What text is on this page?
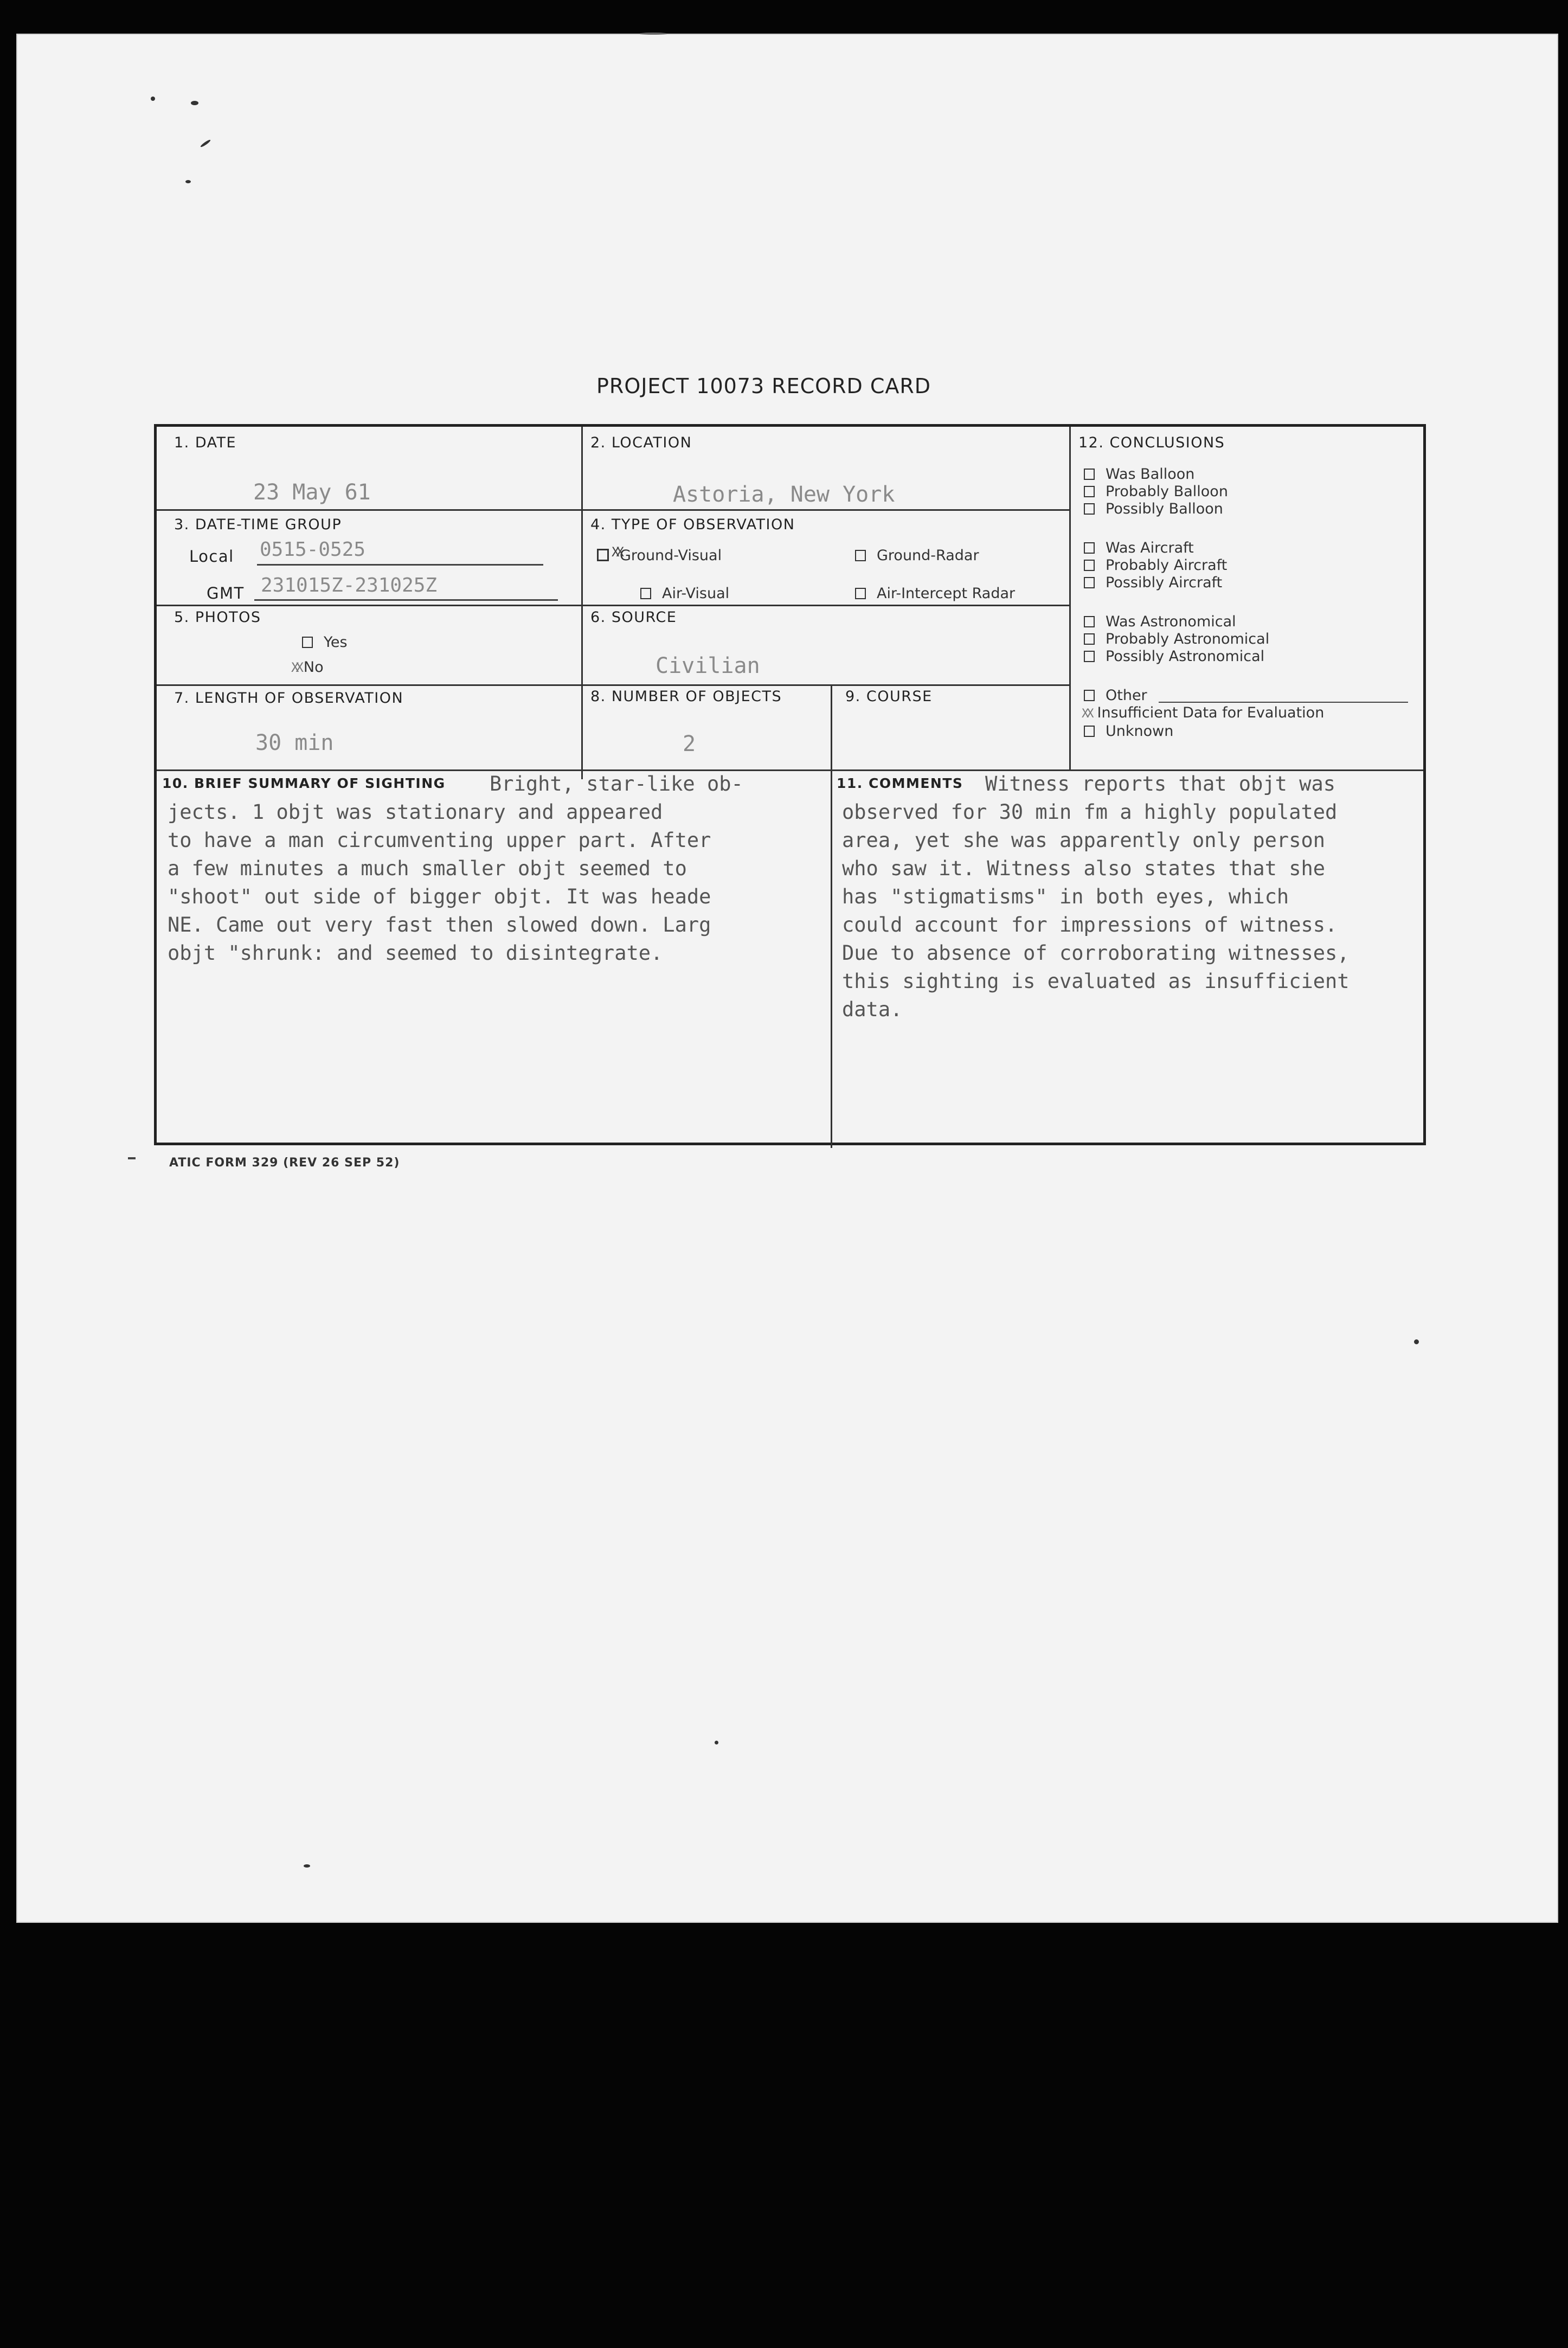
PROJECT 10073 RECORD CARD
1. DATE
23 May 61
2. LOCATION
Astoria, New York
3. DATE-TIME GROUP
Local 0515-0525
GMT 231015Z-231025Z
4. TYPE OF OBSERVATION
Ground-Visual	Ground-Radar
Air-Visual	Air-Intercept Radar
5. PHOTOS
Yes
XX No
6. SOURCE
Civilian
7. LENGTH OF OBSERVATION
30 min
8. NUMBER OF OBJECTS
2
9. COURSE
10. BRIEF SUMMARY OF SIGHTING Bright, star-like ob-
jects. 1 objt was stationary and appeared
to have a man circumventing upper part. After
a few minutes a much smaller objt seemed to
"shoot" out side of bigger objt. It was heade
NE. Came out very fast then slowed down. Larg
objt "shrunk: and seemed to disintegrate.
11. COMMENTS Witness reports that objt was
observed for 30 min fm a highly populated
area, yet she was apparently only person
who saw it. Witness also states that she
has "stigmatisms" in both eyes, which
could account for impressions of witness.
Due to absence of corroborating witnesses,
this sighting is evaluated as insufficient
data.
12. CONCLUSIONS
Was Balloon
Probably Balloon
Possibly Balloon
Was Aircraft
Probably Aircraft
Possibly Aircraft
Was Astronomical
Probably Astronomical
Possibly Astronomical
Other
XX Insufficient Data for Evaluation
Unknown
XX
ATIC FORM 329 (REV 26 SEP 52)
